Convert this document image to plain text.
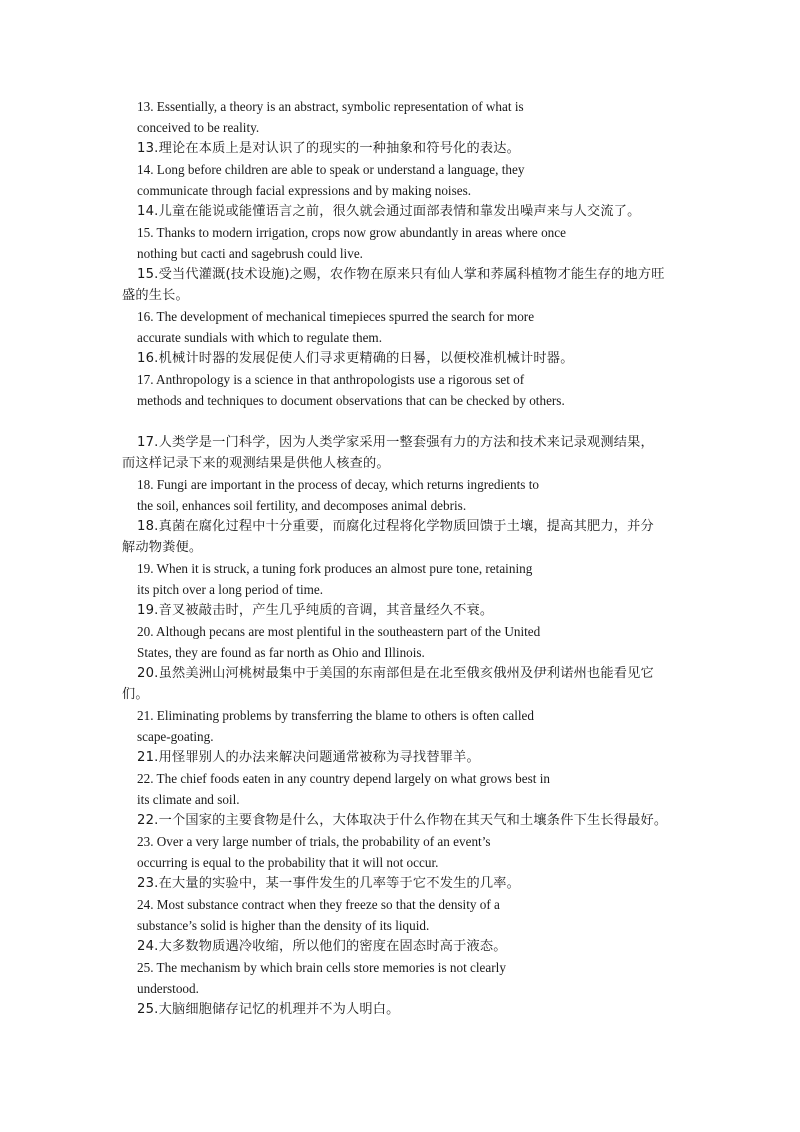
13. Essentially, a theory is an abstract, symbolic representation of what is
conceived to be reality.
13.理论在本质上是对认识了的现实的一种抽象和符号化的表达。
14. Long before children are able to speak or understand a language, they
communicate through facial expressions and by making noises.
14.儿童在能说或能懂语言之前，很久就会通过面部表情和靠发出噪声来与人交流了。
15. Thanks to modern irrigation, crops now grow abundantly in areas where once
nothing but cacti and sagebrush could live.
15.受当代灌溉(技术设施)之赐，农作物在原来只有仙人掌和荞属科植物才能生存的地方旺
盛的生长。
16. The development of mechanical timepieces spurred the search for more
accurate sundials with which to regulate them.
16.机械计时器的发展促使人们寻求更精确的日晷，以便校准机械计时器。
17. Anthropology is a science in that anthropologists use a rigorous set of
methods and techniques to document observations that can be checked by others.
17.人类学是一门科学，因为人类学家采用一整套强有力的方法和技术来记录观测结果，
而这样记录下来的观测结果是供他人核查的。
18. Fungi are important in the process of decay, which returns ingredients to
the soil, enhances soil fertility, and decomposes animal debris.
18.真菌在腐化过程中十分重要，而腐化过程将化学物质回馈于土壤，提高其肥力，并分
解动物粪便。
19. When it is struck, a tuning fork produces an almost pure tone, retaining
its pitch over a long period of time.
19.音叉被敲击时，产生几乎纯质的音调，其音量经久不衰。
20. Although pecans are most plentiful in the southeastern part of the United
States, they are found as far north as Ohio and Illinois.
20.虽然美洲山河桃树最集中于美国的东南部但是在北至俄亥俄州及伊利诺州也能看见它
们。
21. Eliminating problems by transferring the blame to others is often called
scape-goating.
21.用怪罪别人的办法来解决问题通常被称为寻找替罪羊。
22. The chief foods eaten in any country depend largely on what grows best in
its climate and soil.
22.一个国家的主要食物是什么，大体取决于什么作物在其天气和土壤条件下生长得最好。
23. Over a very large number of trials, the probability of an event’s
occurring is equal to the probability that it will not occur.
23.在大量的实验中，某一事件发生的几率等于它不发生的几率。
24. Most substance contract when they freeze so that the density of a
substance’s solid is higher than the density of its liquid.
24.大多数物质遇冷收缩，所以他们的密度在固态时高于液态。
25. The mechanism by which brain cells store memories is not clearly
understood.
25.大脑细胞储存记忆的机理并不为人明白。
